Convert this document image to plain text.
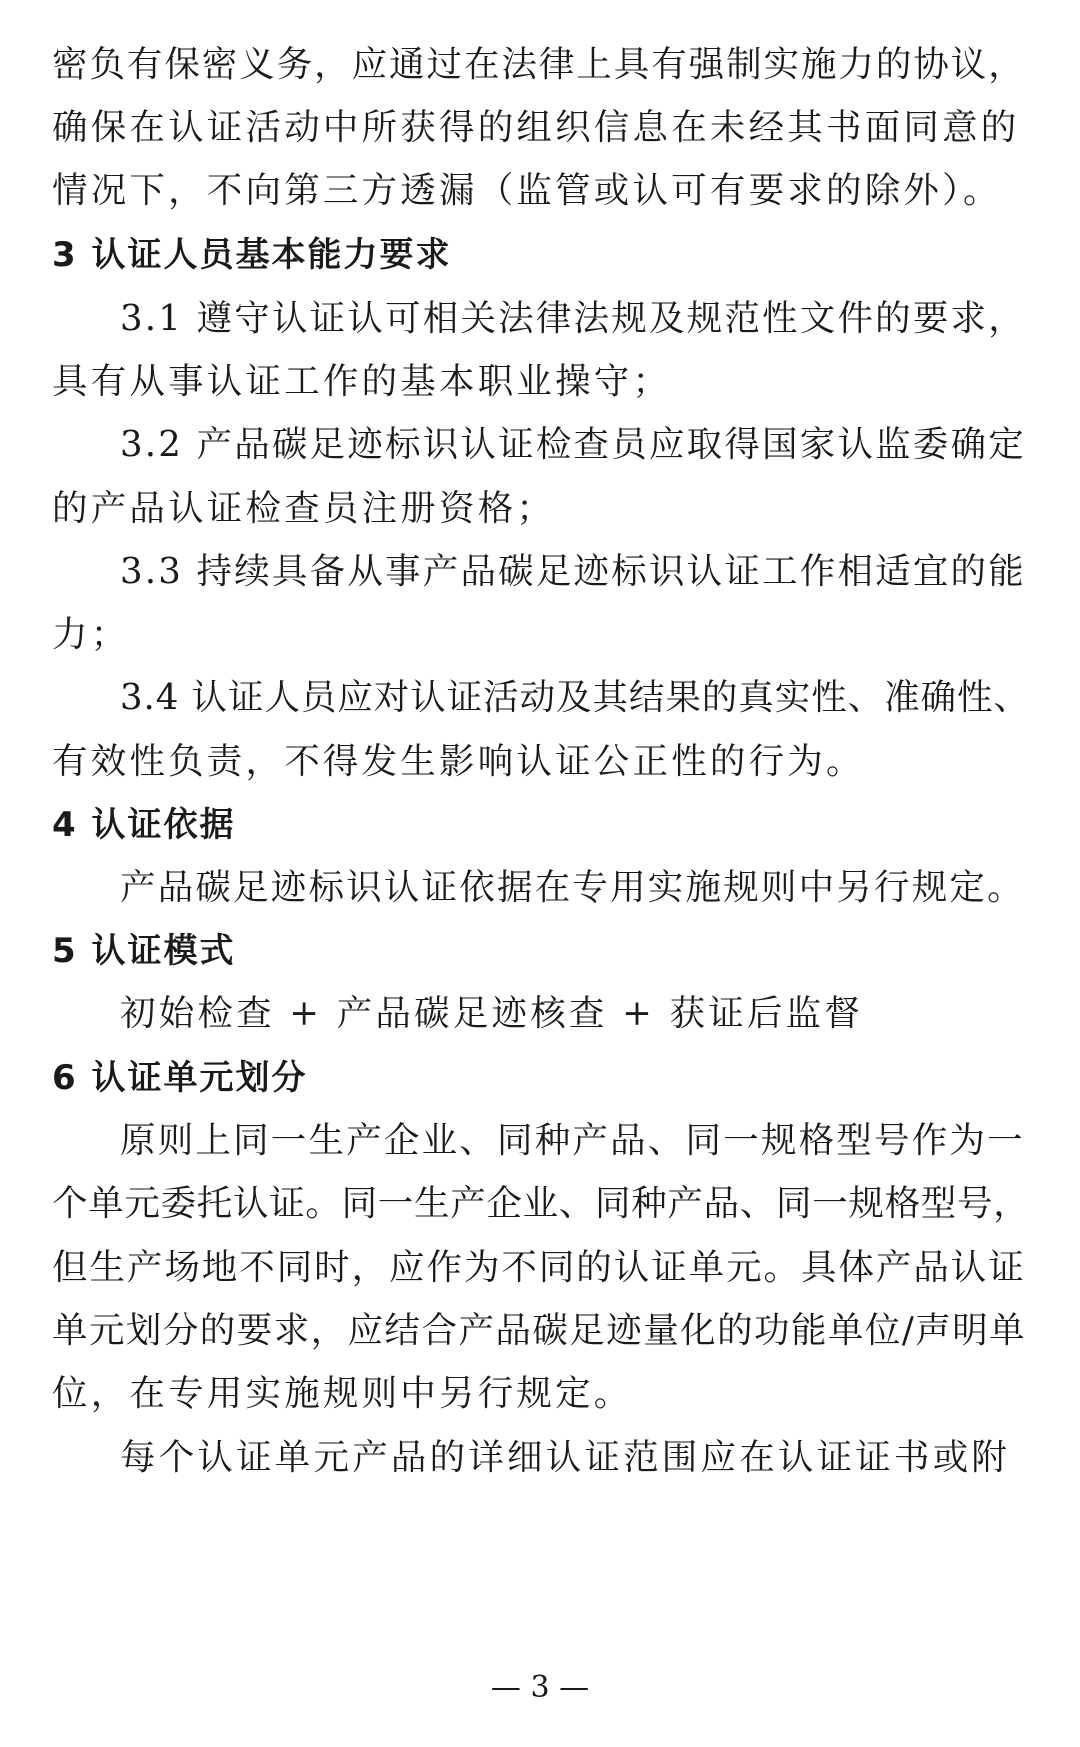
密负有保密义务，应通过在法律上具有强制实施力的协议，
确保在认证活动中所获得的组织信息在未经其书面同意的
情况下，不向第三方透漏（监管或认可有要求的除外）。
3 认证人员基本能力要求
3.1 遵守认证认可相关法律法规及规范性文件的要求，
具有从事认证工作的基本职业操守；
3.2 产品碳足迹标识认证检查员应取得国家认监委确定
的产品认证检查员注册资格；
3.3 持续具备从事产品碳足迹标识认证工作相适宜的能
力；
3.4 认证人员应对认证活动及其结果的真实性、准确性、
有效性负责，不得发生影响认证公正性的行为。
4 认证依据
产品碳足迹标识认证依据在专用实施规则中另行规定。
5 认证模式
初始检查 + 产品碳足迹核查 + 获证后监督
6 认证单元划分
原则上同一生产企业、同种产品、同一规格型号作为一
个单元委托认证。同一生产企业、同种产品、同一规格型号，
但生产场地不同时，应作为不同的认证单元。具体产品认证
单元划分的要求，应结合产品碳足迹量化的功能单位/声明单
位，在专用实施规则中另行规定。
每个认证单元产品的详细认证范围应在认证证书或附
— 3 —
